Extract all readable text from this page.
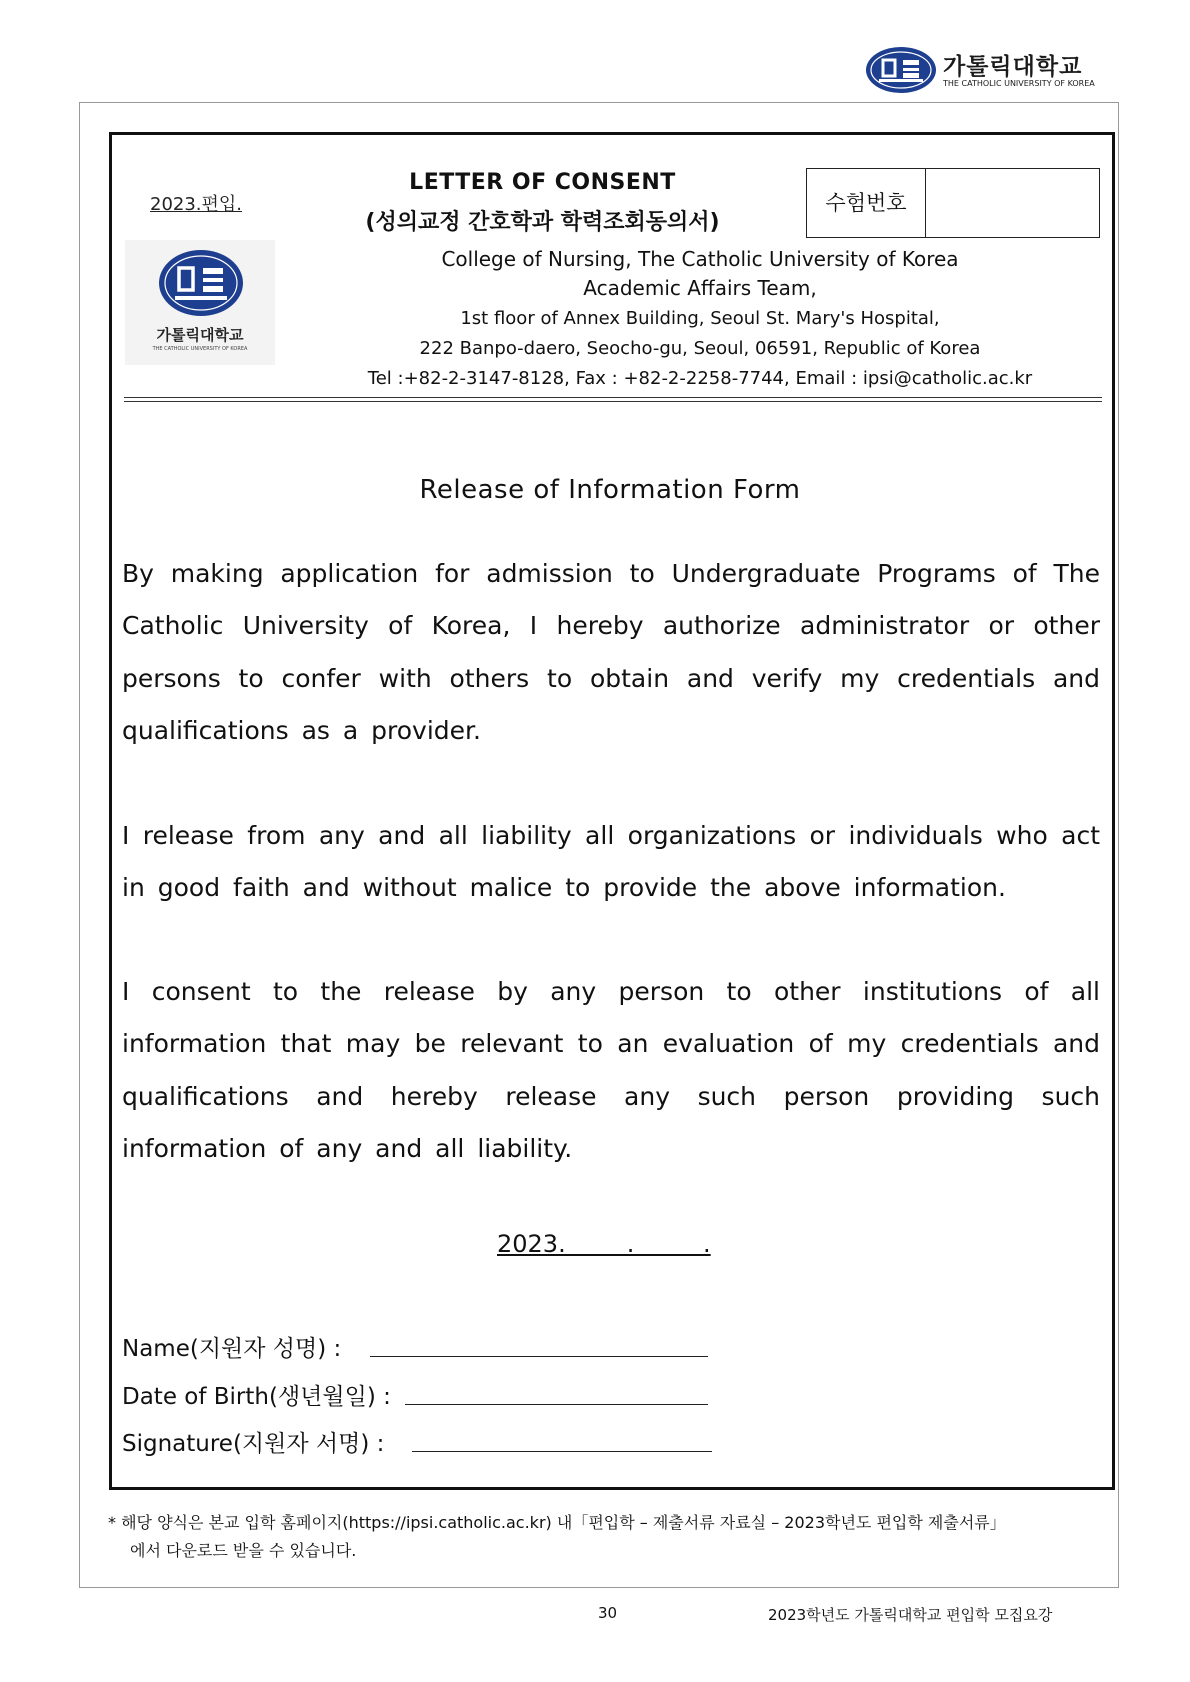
가톨릭대학교
THE CATHOLIC UNIVERSITY OF KOREA
2023.편입.
가톨릭대학교
THE CATHOLIC UNIVERSITY OF KOREA
LETTER OF CONSENT
(성의교정 간호학과 학력조회동의서)
수험번호
College of Nursing, The Catholic University of Korea
Academic Affairs Team,
1st floor of Annex Building, Seoul St. Mary's Hospital,
222 Banpo-daero, Seocho-gu, Seoul, 06591, Republic of Korea
Tel :+82-2-3147-8128, Fax : +82-2-2258-7744, Email : ipsi@catholic.ac.kr
Release of Information Form
By making application for admission to Undergraduate Programs of The Catholic University of Korea, I hereby authorize administrator or other persons to confer with others to obtain and verify my credentials and qualifications as a provider.
I release from any and all liability all organizations or individuals who act in good faith and without malice to provide the above information.
I consent to the release by any person to other institutions of all information that may be relevant to an evaluation of my credentials and qualifications and hereby release any such person providing such information of any and all liability.
2023.        .         .
Name(지원자 성명) :
Date of Birth(생년월일) :
Signature(지원자 서명) :
* 해당 양식은 본교 입학 홈페이지(https://ipsi.catholic.ac.kr) 내「편입학 – 제출서류 자료실 – 2023학년도 편입학 제출서류」
에서 다운로드 받을 수 있습니다.
30	2023학년도 가톨릭대학교 편입학 모집요강
